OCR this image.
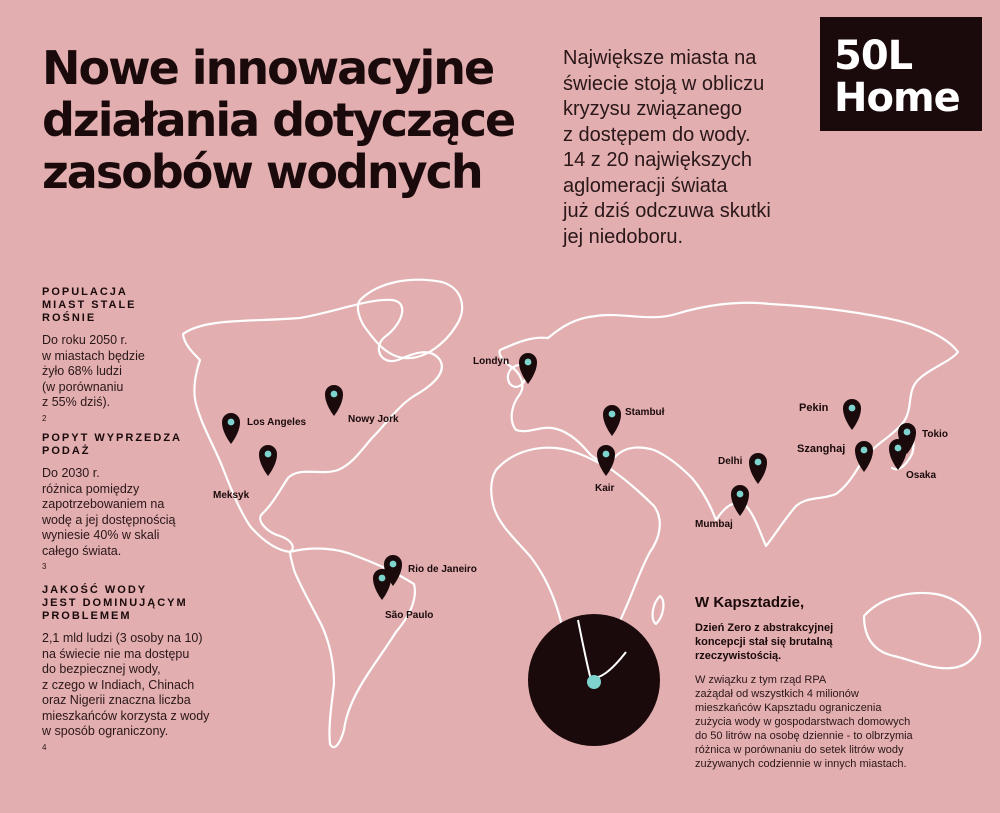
Nowe innowacyjne
działania dotyczące
zasobów wodnych
Największe miasta na
świecie stoją w obliczu
kryzysu związanego
z dostępem do wody.
14 z 20 największych
aglomeracji świata
już dziś odczuwa skutki
jej niedoboru.
50L
Home
POPULACJA
MIAST STALE
ROŚNIE

Do roku 2050 r.
w miastach będzie
żyło 68% ludzi
(w porównaniu
z 55% dziś).
$^2$

POPYT WYPRZEDZA
PODAŻ

Do 2030 r.
różnica pomiędzy
zapotrzebowaniem na
wodę a jej dostępnością
wyniesie 40% w skali
całego świata.
$^3$

JAKOŚĆ WODY
JEST DOMINUJĄCYM
PROBLEMEM

2,1 mld ludzi (3 osoby na 10)
na świecie nie ma dostępu
do bezpiecznej wody,
z czego w Indiach, Chinach
oraz Nigerii znaczna liczba
mieszkańców korzysta z wody
w sposób ograniczony.
$^4$

Los Angeles	Nowy Jork
Meksyk
Londyn
Stambuł
Kair
Pekin
Tokio
Szanghaj
Osaka
Delhi
Mumbaj
Rio de Janeiro
São Paulo
W Kapsztadzie,

Dzień Zero z abstrakcyjnej
koncepcji stał się brutalną
rzeczywistością.

W związku z tym rząd RPA
zażądał od wszystkich 4 milionów
mieszkańców Kapsztadu ograniczenia
zużycia wody w gospodarstwach domowych
do 50 litrów na osobę dziennie - to olbrzymia
różnica w porównaniu do setek litrów wody
zużywanych codziennie w innych miastach.
